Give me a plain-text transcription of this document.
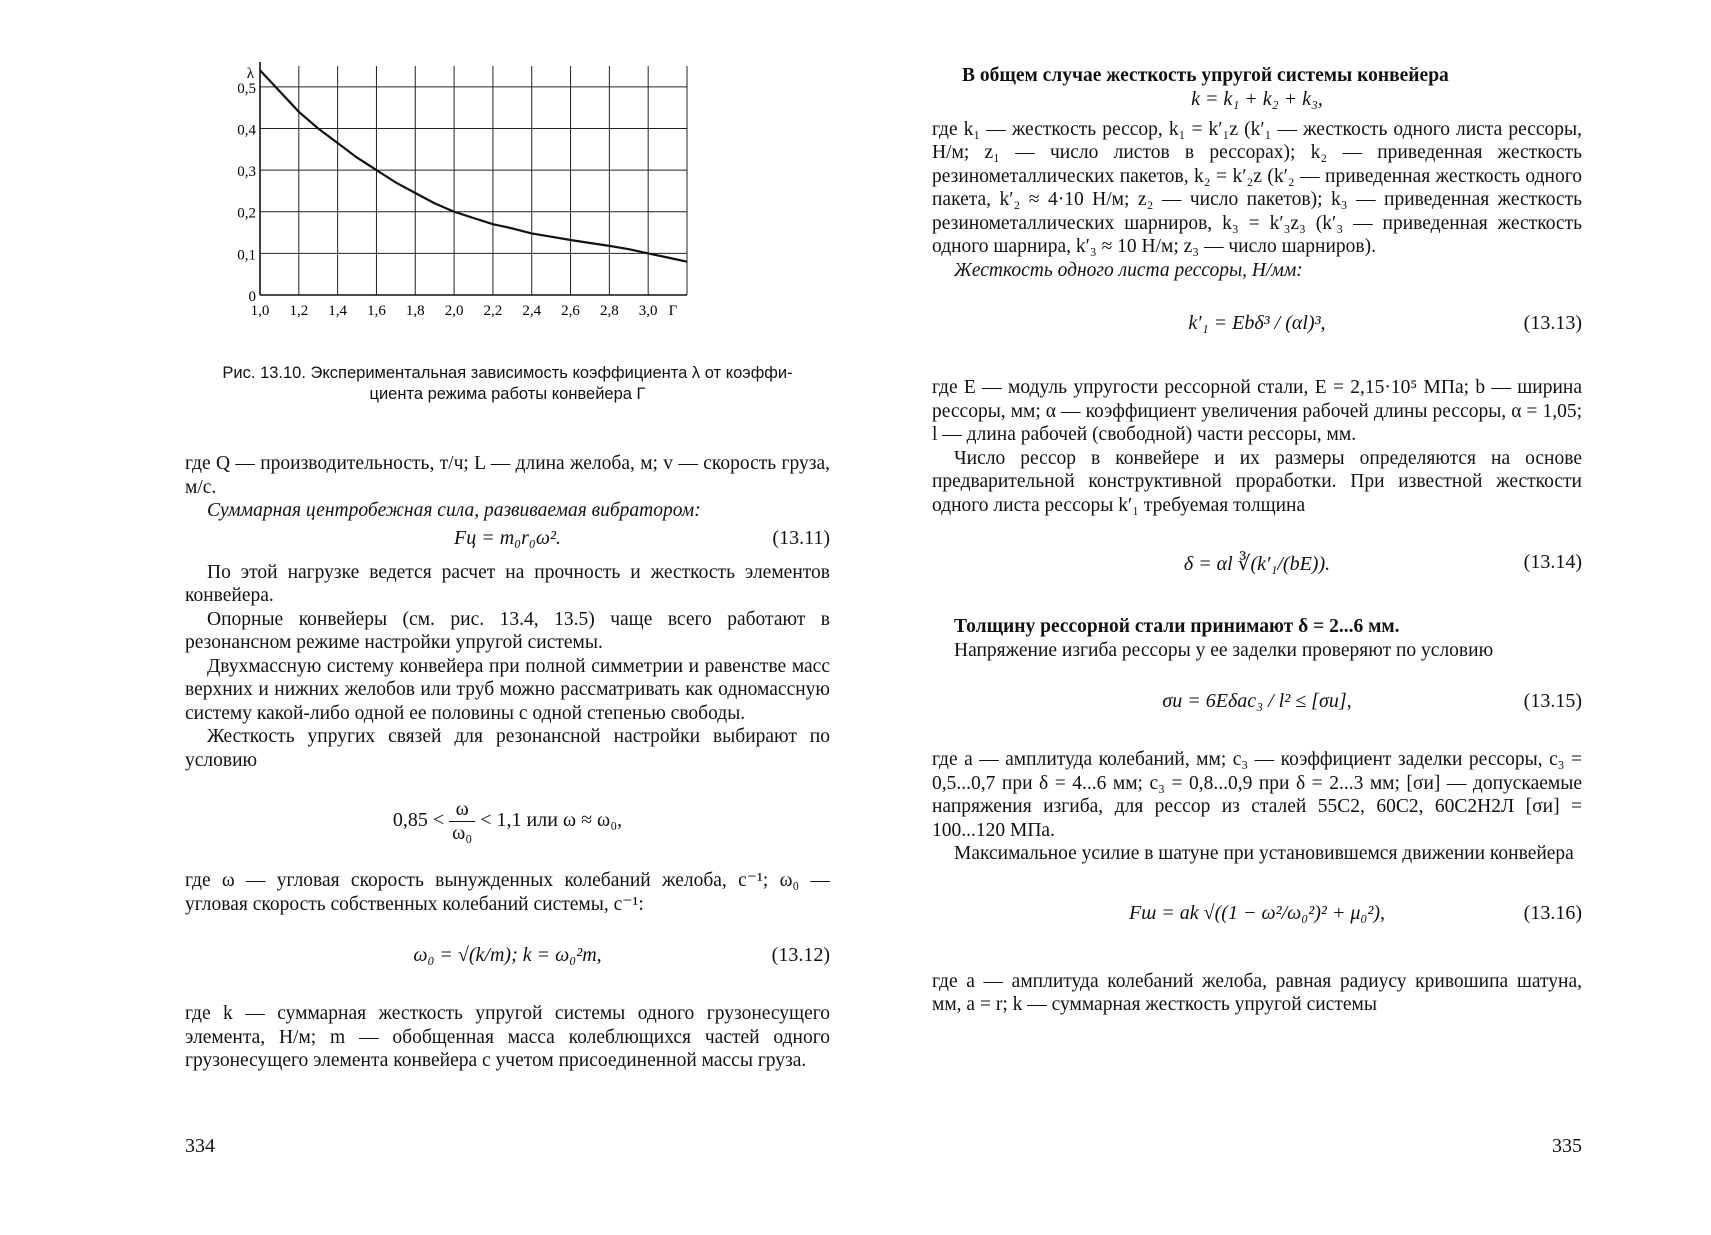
0
0,1
0,2
0,3
0,4
0,5
1,0 1,2 1,4 1,6 1,8 2,0 2,2 2,4 2,6 2,8 3,0
λ
Г
Рис. 13.10. Экспериментальная зависимость коэффициента λ от коэффи-
циента режима работы конвейера Г

где Q — производительность, т/ч; L — длина желоба, м; v — скорость груза, м/с.

Суммарная центробежная сила, развиваемая вибратором:

Fц = m₀r₀ω².	(13.11)

По этой нагрузке ведется расчет на прочность и жесткость элементов конвейера.

Опорные конвейеры (см. рис. 13.4, 13.5) чаще всего работают в резонансном режиме настройки упругой системы.

Двухмассную систему конвейера при полной симметрии и равенстве масс верхних и нижних желобов или труб можно рассматривать как одномассную систему какой-либо одной ее половины с одной степенью свободы.

Жесткость упругих связей для резонансной настройки выбирают по условию

$0,85 < \frac{\omega}{\text{ω₀}} < 1,1$ или ω ≈ ω₀,

где ω — угловая скорость вынужденных колебаний желоба, с⁻¹; ω₀ — угловая скорость собственных колебаний системы, с⁻¹:

ω₀ = √(k/m); k = ω₀²m,	(13.12)

где k — суммарная жесткость упругой системы одного грузонесущего элемента, Н/м; m — обобщенная масса колеблющихся частей одного грузонесущего элемента конвейера с учетом присоединенной массы груза.

334

В общем случае жесткость упругой системы конвейера

k = k₁ + k₂ + k₃,

где k₁ — жесткость рессор, k₁ = k′₁z (k′₁ — жесткость одного листа рессоры, Н/м; z₁ — число листов в рессорах); k₂ — приведенная жесткость резинометаллических пакетов, k₂ = k′₂z (k′₂ — приведенная жесткость одного пакета, k′₂ ≈ 4·10 Н/м; z₂ — число пакетов); k₃ — приведенная жесткость резинометаллических шарниров, k₃ = k′₃z₃ (k′₃ — приведенная жесткость одного шарнира, k′₃ ≈ 10 Н/м; z₃ — число шарниров).

Жесткость одного листа рессоры, Н/мм:

k′₁ = Ebδ³ / (αl)³,	(13.13)

где E — модуль упругости рессорной стали, E = 2,15·10⁵ МПа; b — ширина рессоры, мм; α — коэффициент увеличения рабочей длины рессоры, α = 1,05; l — длина рабочей (свободной) части рессоры, мм.

Число рессор в конвейере и их размеры определяются на основе предварительной конструктивной проработки. При известной жесткости одного листа рессоры k′₁ требуемая толщина

δ = αl ∛(k′₁/(bE)).	(13.14)

Толщину рессорной стали принимают δ = 2...6 мм.

Напряжение изгиба рессоры у ее заделки проверяют по условию

σи = 6Eδac₃ / l² ≤ [σи],	(13.15)

где a — амплитуда колебаний, мм; c₃ — коэффициент заделки рессоры, c₃ = 0,5...0,7 при δ = 4...6 мм; c₃ = 0,8...0,9 при δ = 2...3 мм; [σи] — допускаемые напряжения изгиба, для рессор из сталей 55С2, 60С2, 60С2Н2Л [σи] = 100...120 МПа.

Максимальное усилие в шатуне при установившемся движении конвейера

Fш = ak √((1 − ω²/ω₀²)² + μ₀²),	(13.16)

где a — амплитуда колебаний желоба, равная радиусу кривошипа шатуна, мм, a = r; k — суммарная жесткость упругой системы

335
